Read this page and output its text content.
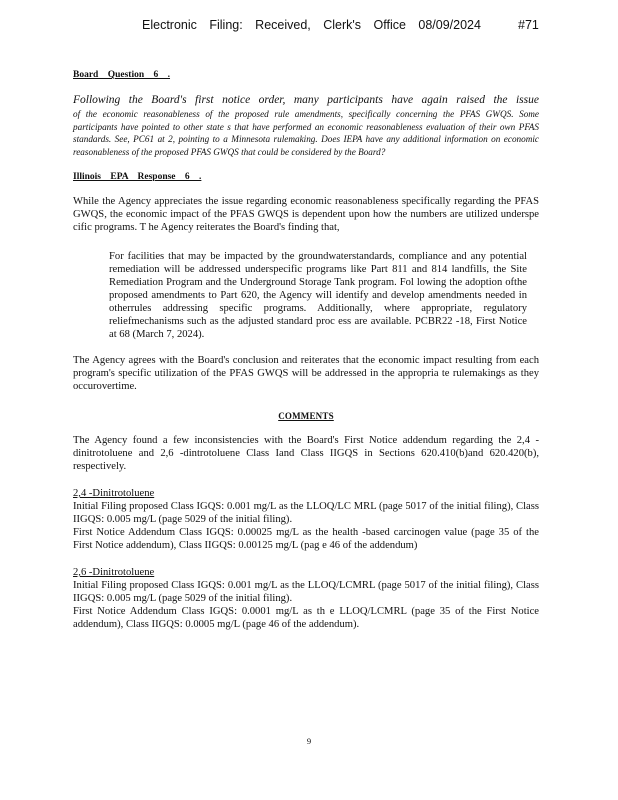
Electronic Filing: Received, Clerk's Office 08/09/2024	#71
Board Question 6 .
Following the Board's first notice order, many participants have again raised the issue

of the economic reasonableness of the proposed rule amendments, specifically concerning the PFAS GWQS. Some participants have pointed to other state s that have performed an economic reasonableness evaluation of their own PFAS standards. See, PC61 at 2, pointing to a Minnesota rulemaking. Does IEPA have any additional information on economic reasonableness of the proposed PFAS GWQS that could be considered by the Board?

Illinois EPA Response 6 .

While the Agency appreciates the issue regarding economic reasonableness specifically regarding the PFAS GWQS, the economic impact of the PFAS GWQS is dependent upon how the numbers are utilized underspe cific programs. T he Agency reiterates the Board's finding that,

For facilities that may be impacted by the groundwaterstandards, compliance and any potential remediation will be addressed underspecific programs like Part 811 and 814 landfills, the Site Remediation Program and the Underground Storage Tank program. Fol lowing the adoption ofthe proposed amendments to Part 620, the Agency will identify and develop amendments needed in otherrules addressing specific programs. Additionally, where appropriate, regulatory reliefmechanisms such as the adjusted standard proc ess are available. PCBR22 -18, First Notice at 68 (March 7, 2024).

The Agency agrees with the Board's conclusion and reiterates that the economic impact resulting from each program's specific utilization of the PFAS GWQS will be addressed in the appropria te rulemakings as they occurovertime.

COMMENTS

The Agency found a few inconsistencies with the Board's First Notice addendum regarding the 2,4 -dinitrotoluene and 2,6 -dintrotoluene Class Iand Class IIGQS in Sections 620.410(b)and 620.420(b), respectively.

2,4 -Dinitrotoluene

Initial Filing proposed Class IGQS: 0.001 mg/L as the LLOQ/LC MRL (page 5017 of the initial filing), Class IIGQS: 0.005 mg/L (page 5029 of the initial filing).

First Notice Addendum Class IGQS: 0.00025 mg/L as the health -based carcinogen value (page 35 of the First Notice addendum), Class IIGQS: 0.00125 mg/L (pag e 46 of the addendum)

2,6 -Dinitrotoluene

Initial Filing proposed Class IGQS: 0.001 mg/L as the LLOQ/LCMRL (page 5017 of the initial filing), Class IIGQS: 0.005 mg/L (page 5029 of the initial filing).

First Notice Addendum Class IGQS: 0.0001 mg/L as th e LLOQ/LCMRL (page 35 of the First Notice addendum), Class IIGQS: 0.0005 mg/L (page 46 of the addendum).

9
